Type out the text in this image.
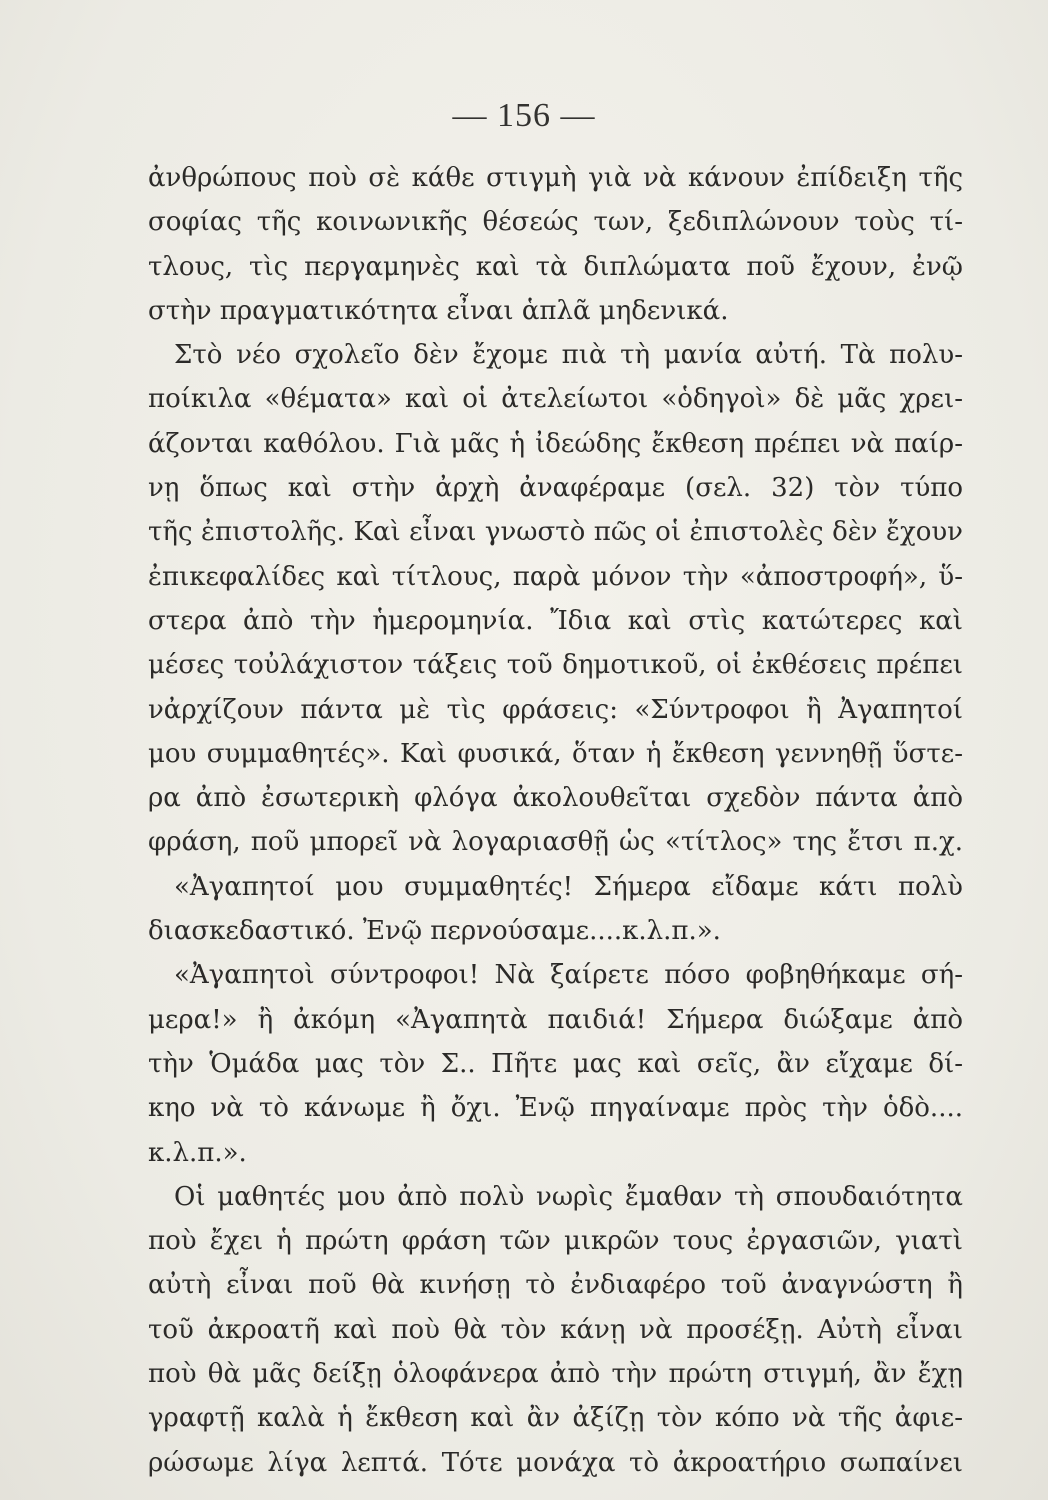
— 156 —
ἀνθρώπους ποὺ σὲ κάθε στιγμὴ γιὰ νὰ κάνουν ἐπίδειξη τῆς
σοφίας τῆς κοινωνικῆς θέσεώς των, ξεδιπλώνουν τοὺς τί-
τλους, τὶς περγαμηνὲς καὶ τὰ διπλώματα ποῦ ἔχουν, ἐνῷ
στὴν πραγματικότητα εἶναι ἁπλᾶ μηδενικά.
Στὸ νέο σχολεῖο δὲν ἔχομε πιὰ τὴ μανία αὐτή. Τὰ πολυ-
ποίκιλα «θέματα» καὶ οἱ ἀτελείωτοι «ὁδηγοὶ» δὲ μᾶς χρει-
άζονται καθόλου. Γιὰ μᾶς ἡ ἰδεώδης ἔκθεση πρέπει νὰ παίρ-
νῃ ὅπως καὶ στὴν ἀρχὴ ἀναφέραμε (σελ. 32) τὸν τύπο
τῆς ἐπιστολῆς. Καὶ εἶναι γνωστὸ πῶς οἱ ἐπιστολὲς δὲν ἔχουν
ἐπικεφαλίδες καὶ τίτλους, παρὰ μόνον τὴν «ἀποστροφή», ὕ-
στερα ἀπὸ τὴν ἡμερομηνία. Ἴδια καὶ στὶς κατώτερες καὶ
μέσες τοὐλάχιστον τάξεις τοῦ δημοτικοῦ, οἱ ἐκθέσεις πρέπει
νἀρχίζουν πάντα μὲ τὶς φράσεις: «Σύντροφοι ἢ Ἀγαπητοί
μου συμμαθητές». Καὶ φυσικά, ὅταν ἡ ἔκθεση γεννηθῇ ὕστε-
ρα ἀπὸ ἐσωτερικὴ φλόγα ἀκολουθεῖται σχεδὸν πάντα ἀπὸ
φράση, ποῦ μπορεῖ νὰ λογαριασθῇ ὡς «τίτλος» της ἔτσι π.χ.
«Ἀγαπητοί μου συμμαθητές! Σήμερα εἴδαμε κάτι πολὺ
διασκεδαστικό. Ἐνῷ περνούσαμε....κ.λ.π.».
«Ἀγαπητοὶ σύντροφοι! Νὰ ξαίρετε πόσο φοβηθήκαμε σή-
μερα!» ἢ ἀκόμη «Ἀγαπητὰ παιδιά! Σήμερα διώξαμε ἀπὸ
τὴν Ὁμάδα μας τὸν Σ.. Πῆτε μας καὶ σεῖς, ἂν εἴχαμε δί-
κηο νὰ τὸ κάνωμε ἢ ὄχι. Ἐνῷ πηγαίναμε πρὸς τὴν ὁδὸ....
κ.λ.π.».
Οἱ μαθητές μου ἀπὸ πολὺ νωρὶς ἔμαθαν τὴ σπουδαιότητα
ποὺ ἔχει ἡ πρώτη φράση τῶν μικρῶν τους ἐργασιῶν, γιατὶ
αὐτὴ εἶναι ποῦ θὰ κινήσῃ τὸ ἐνδιαφέρο τοῦ ἀναγνώστη ἢ
τοῦ ἀκροατῆ καὶ ποὺ θὰ τὸν κάνῃ νὰ προσέξῃ. Αὐτὴ εἶναι
ποὺ θὰ μᾶς δείξῃ ὁλοφάνερα ἀπὸ τὴν πρώτη στιγμή, ἂν ἔχῃ
γραφτῇ καλὰ ἡ ἔκθεση καὶ ἂν ἀξίζῃ τὸν κόπο νὰ τῆς ἀφιε-
ρώσωμε λίγα λεπτά. Τότε μονάχα τὸ ἀκροατήριο σωπαίνει
